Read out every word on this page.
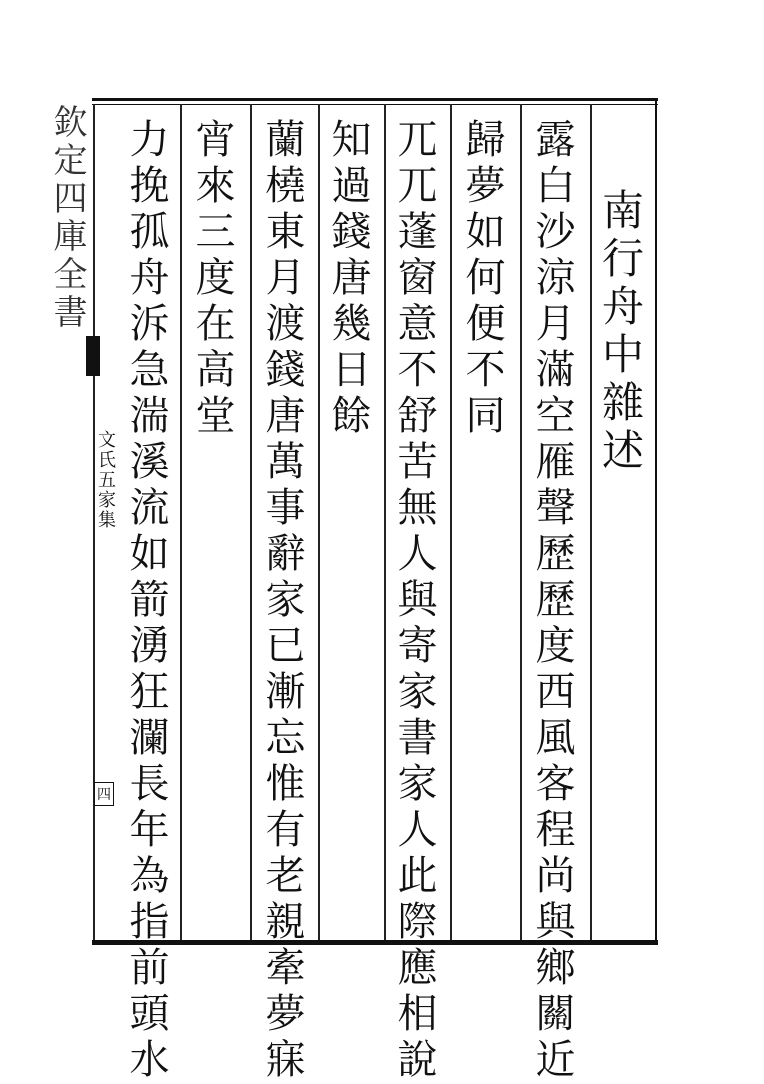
欽定四庫全書	南行舟中雜述
露白沙涼月滿空雁聲歷歷度西風客程尚與鄉關近
歸夢如何便不同
兀兀蓬窗意不舒苦無人與寄家書家人此際應相說
知過錢唐幾日餘
蘭橈東月渡錢唐萬事辭家已漸忘惟有老親牽夢寐
宵來三度在高堂
力挽孤舟泝急湍溪流如箭湧狂瀾長年為指前頭水
文氏五家集
四
